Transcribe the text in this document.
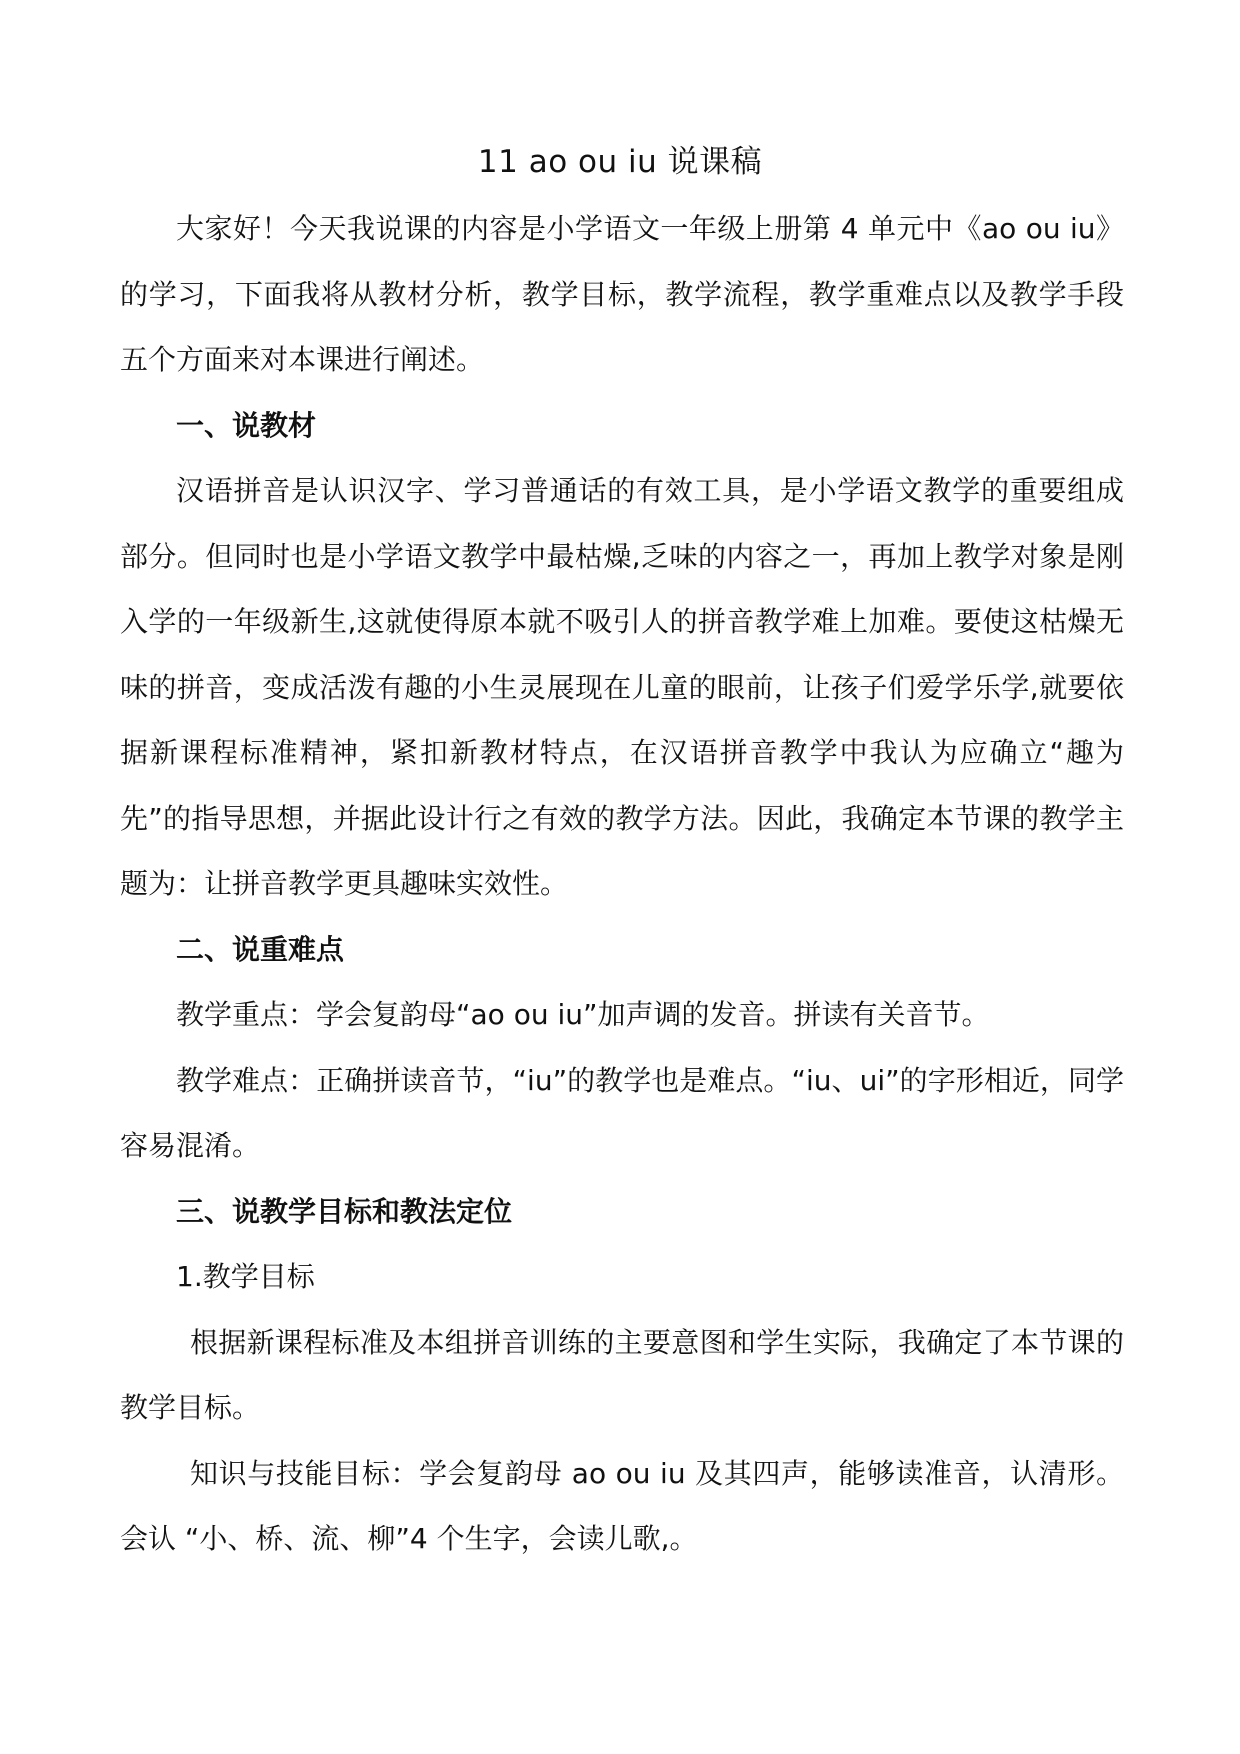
11 ao ou iu 说课稿

大家好！今天我说课的内容是小学语文一年级上册第 4 单元中《ao ou iu》的学习，下面我将从教材分析，教学目标，教学流程，教学重难点以及教学手段五个方面来对本课进行阐述。

一、说教材

汉语拼音是认识汉字、学习普通话的有效工具，是小学语文教学的重要组成部分。但同时也是小学语文教学中最枯燥,乏味的内容之一，再加上教学对象是刚入学的一年级新生,这就使得原本就不吸引人的拼音教学难上加难。要使这枯燥无味的拼音，变成活泼有趣的小生灵展现在儿童的眼前，让孩子们爱学乐学,就要依据新课程标准精神，紧扣新教材特点，在汉语拼音教学中我认为应确立“趣为先”的指导思想，并据此设计行之有效的教学方法。因此，我确定本节课的教学主题为：让拼音教学更具趣味实效性。

二、说重难点

教学重点：学会复韵母“ao ou iu”加声调的发音。拼读有关音节。

教学难点：正确拼读音节，“iu”的教学也是难点。“iu、ui”的字形相近，同学容易混淆。

三、说教学目标和教法定位

1.教学目标

根据新课程标准及本组拼音训练的主要意图和学生实际，我确定了本节课的教学目标。

知识与技能目标：学会复韵母 ao ou iu 及其四声，能够读准音，认清形。会认 “小、桥、流、柳”4 个生字，会读儿歌,。
